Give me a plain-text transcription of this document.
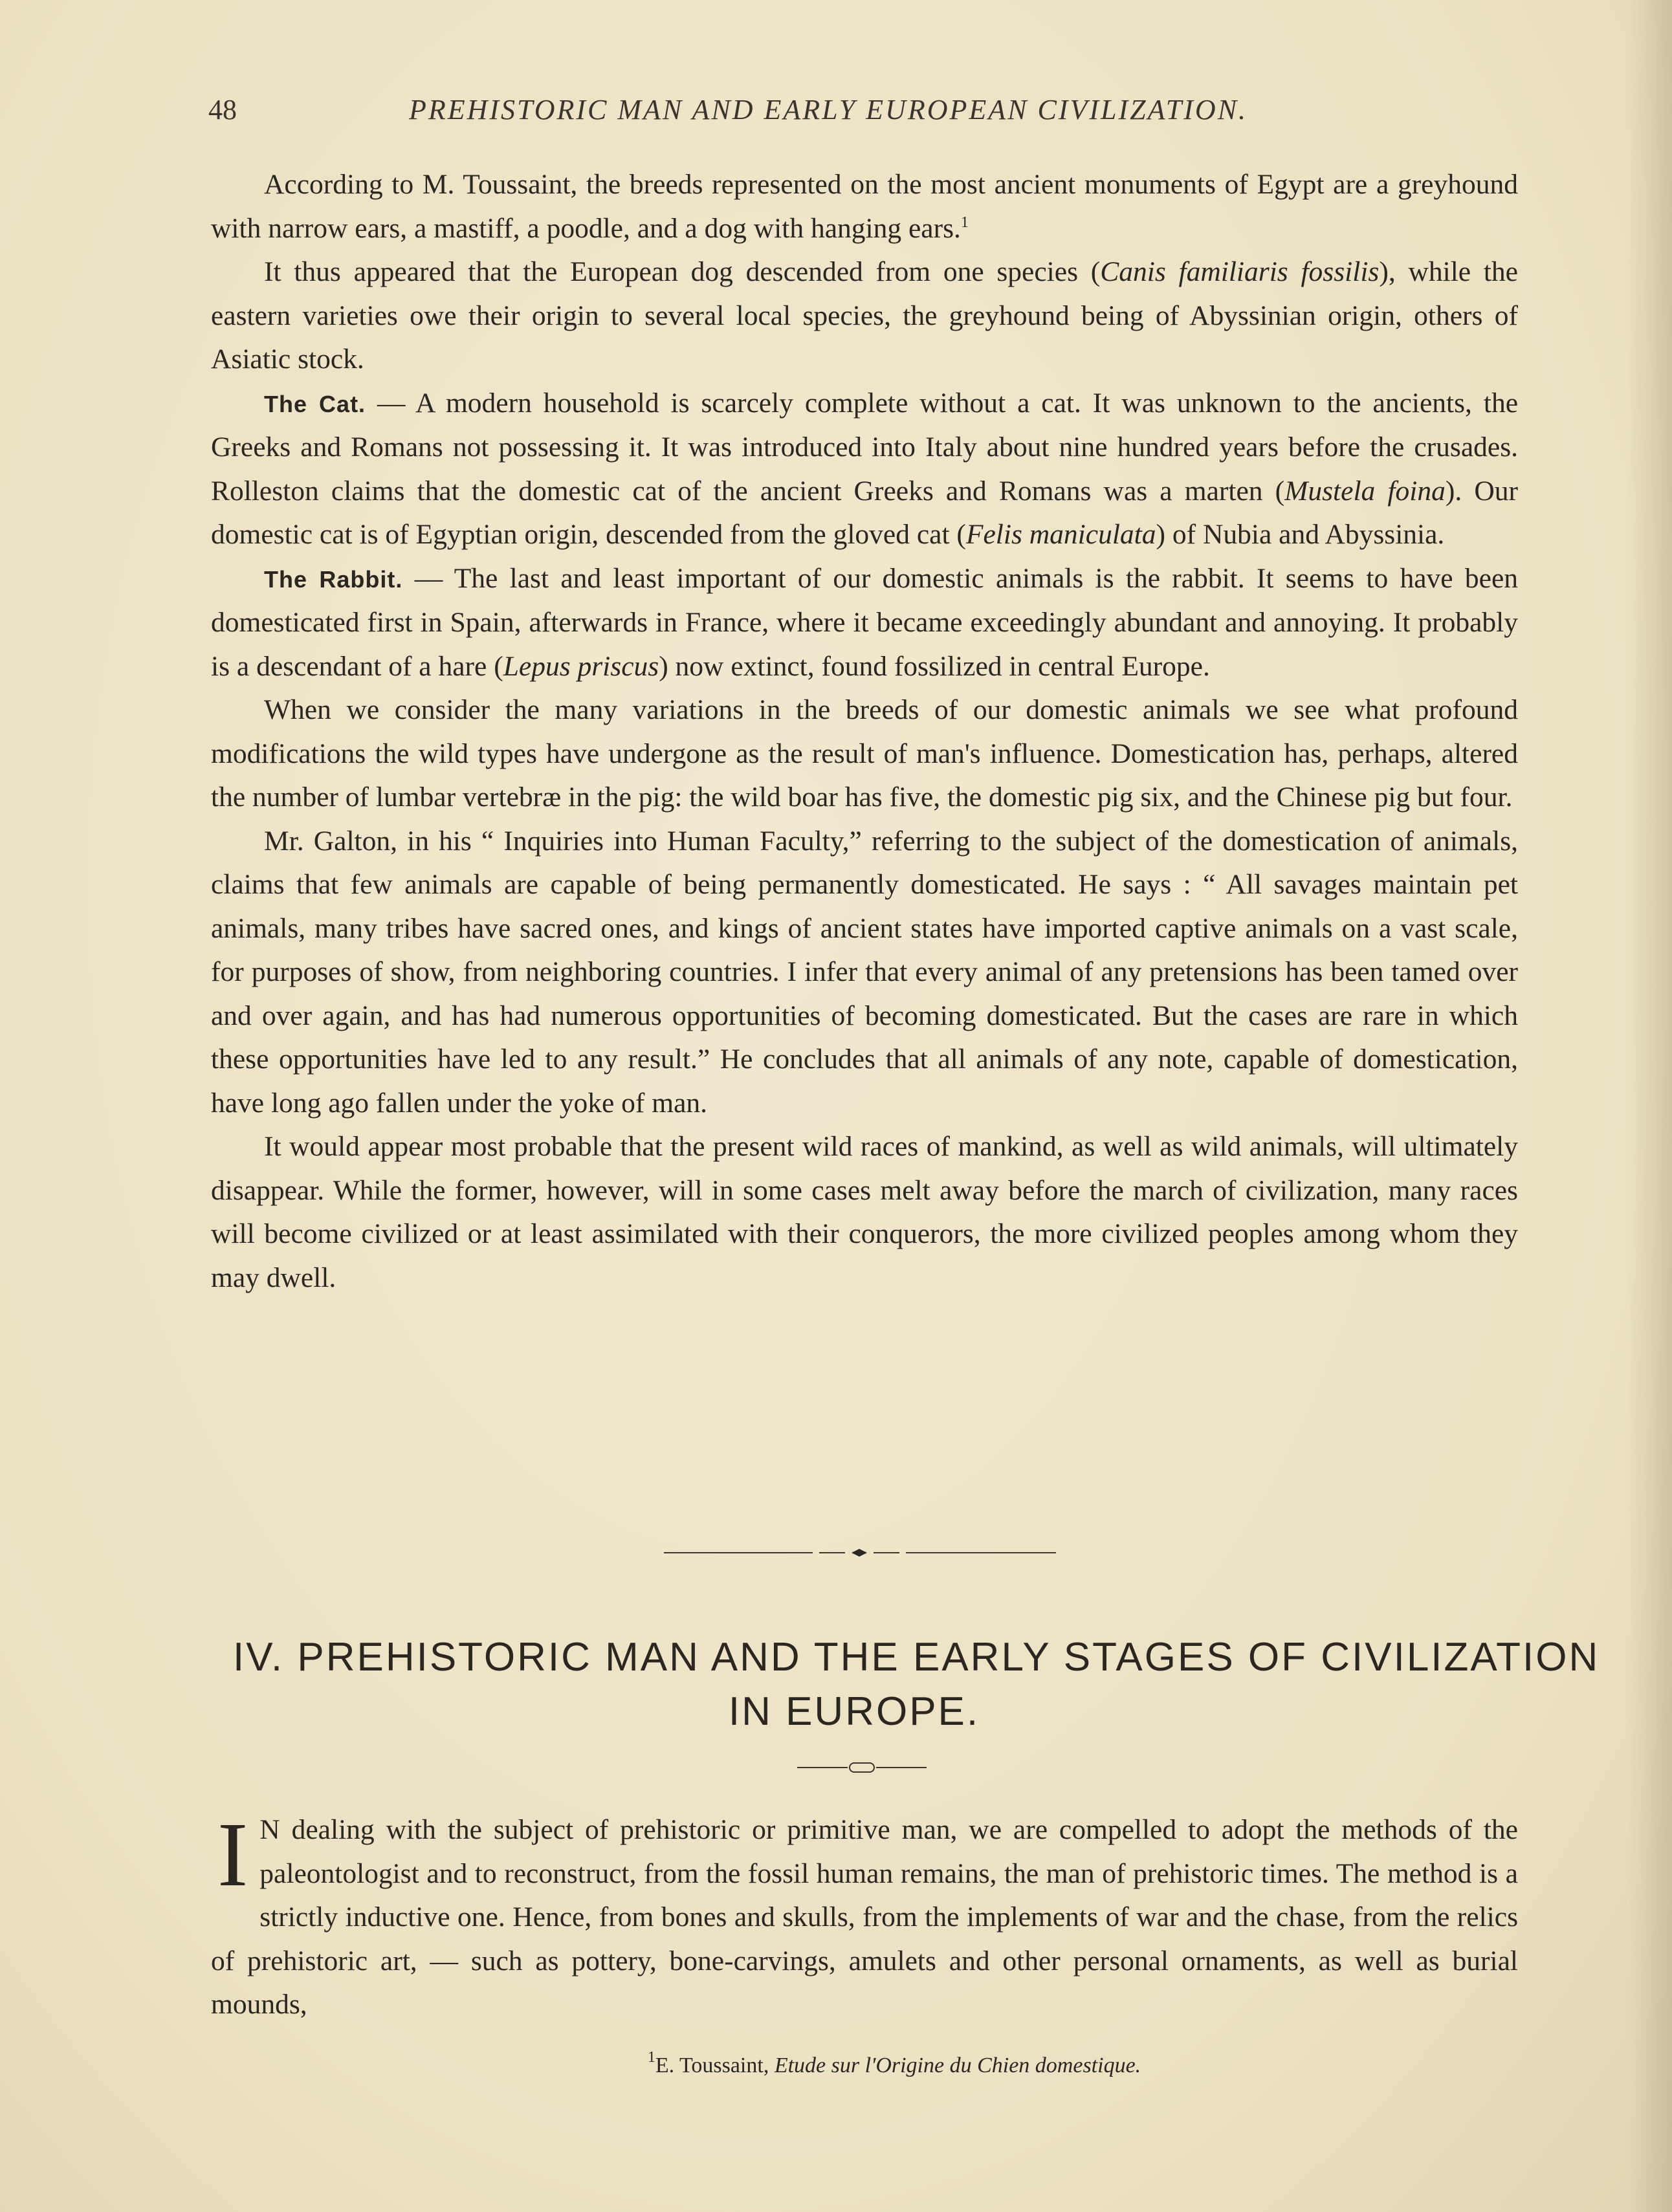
48	PREHISTORIC MAN AND EARLY EUROPEAN CIVILIZATION.

According to M. Toussaint, the breeds represented on the most ancient monuments of Egypt are a greyhound with narrow ears, a mastiff, a poodle, and a dog with hanging ears.$^1$

It thus appeared that the European dog descended from one species (Canis familiaris fossilis), while the eastern varieties owe their origin to several local species, the greyhound being of Abyssinian origin, others of Asiatic stock.

The Cat. — A modern household is scarcely complete without a cat. It was unknown to the ancients, the Greeks and Romans not possessing it. It was introduced into Italy about nine hundred years before the crusades. Rolleston claims that the domestic cat of the ancient Greeks and Romans was a marten (Mustela foina). Our domestic cat is of Egyptian origin, descended from the gloved cat (Felis maniculata) of Nubia and Abyssinia.

The Rabbit. — The last and least important of our domestic animals is the rabbit. It seems to have been domesticated first in Spain, afterwards in France, where it became exceedingly abundant and annoying. It probably is a descendant of a hare (Lepus priscus) now extinct, found fossilized in central Europe.

When we consider the many variations in the breeds of our domestic animals we see what profound modifications the wild types have undergone as the result of man's influence. Domestication has, perhaps, altered the number of lumbar vertebræ in the pig: the wild boar has five, the domestic pig six, and the Chinese pig but four.

Mr. Galton, in his “ Inquiries into Human Faculty,” referring to the subject of the domestication of animals, claims that few animals are capable of being permanently domesticated. He says : “ All savages maintain pet animals, many tribes have sacred ones, and kings of ancient states have imported captive animals on a vast scale, for purposes of show, from neighboring countries. I infer that every animal of any pretensions has been tamed over and over again, and has had numerous opportunities of becoming domesticated. But the cases are rare in which these opportunities have led to any result.” He concludes that all animals of any note, capable of domestication, have long ago fallen under the yoke of man.

It would appear most probable that the present wild races of mankind, as well as wild animals, will ultimately disappear. While the former, however, will in some cases melt away before the march of civilization, many races will become civilized or at least assimilated with their conquerors, the more civilized peoples among whom they may dwell.

IV. PREHISTORIC MAN AND THE EARLY STAGES OF CIVILIZATION
IN EUROPE.

I N dealing with the subject of prehistoric or primitive man, we are compelled to adopt the methods of the paleontologist and to reconstruct, from the fossil human remains, the man of prehistoric times. The method is a strictly inductive one. Hence, from bones and skulls, from the implements of war and the chase, from the relics of prehistoric art, — such as pottery, bone-carvings, amulets and other personal ornaments, as well as burial mounds,

$^1$E. Toussaint, Etude sur l'Origine du Chien domestique.
